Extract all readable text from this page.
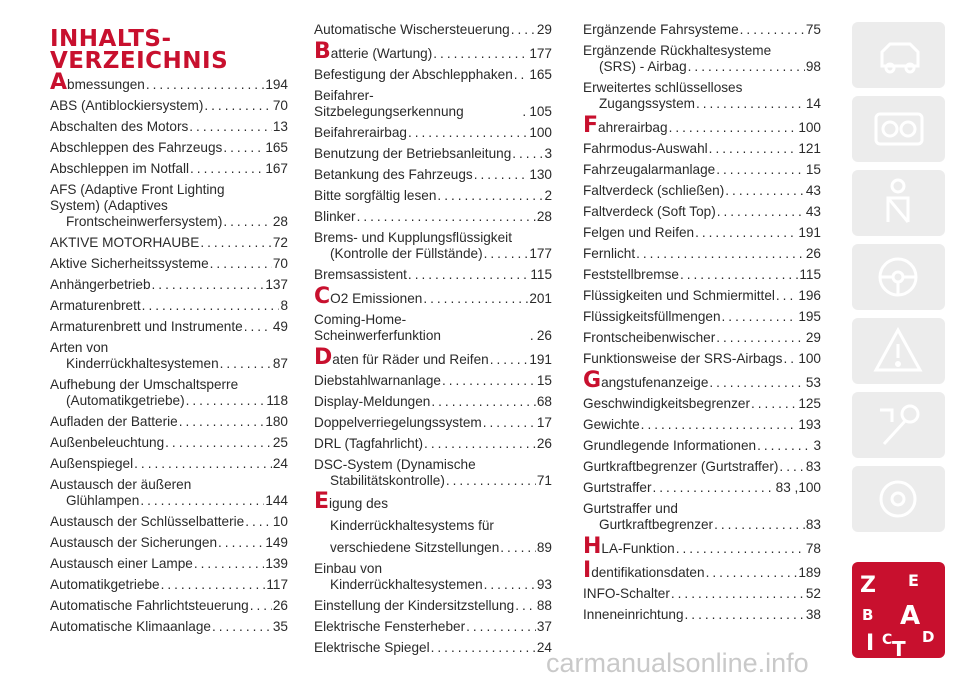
INHALTS-
VERZEICHNIS
Abmessungen .....	194
ABS (Antiblockiersystem) .....	70
Abschalten des Motors .....	13
Abschleppen des Fahrzeugs .....	165
Abschleppen im Notfall .....	167
AFS (Adaptive Front Lighting
System) (Adaptives
Frontscheinwerfersystem) .....	28
AKTIVE MOTORHAUBE .....	72
Aktive Sicherheitssysteme .....	70
Anhängerbetrieb .....	137
Armaturenbrett .....	8
Armaturenbrett und Instrumente ..... 49
Arten von
Kinderrückhaltesystemen .....	87
Aufhebung der Umschaltsperre
(Automatikgetriebe) .....	118
Aufladen der Batterie .....	180
Außenbeleuchtung .....	25
Außenspiegel .....	24
Austausch der äußeren
Glühlampen .....	144
Austausch der Schlüsselbatterie ..... 10
Austausch der Sicherungen .....	149
Austausch einer Lampe .....	139
Automatikgetriebe .....	117
Automatische Fahrlichtsteuerung ..... 26
Automatische Klimaanlage .....	35
Automatische Wischersteuerung ..... 29
Batterie (Wartung) .....	177
Befestigung der Abschlepphaken ..... 165
Beifahrer-Sitzbelegungserkennung .....	105
Beifahrerairbag .....	100
Benutzung der Betriebsanleitung ..... 3
Betankung des Fahrzeugs .....	130
Bitte sorgfältig lesen .....	2
Blinker .....	28
Brems- und Kupplungsflüssigkeit
(Kontrolle der Füllstände) .....	177
Bremsassistent .....	115
CO2 Emissionen .....	201
Coming-Home-Scheinwerferfunktion .....	26
Daten für Räder und Reifen .....	191
Diebstahlwarnanlage .....	15
Display-Meldungen .....	68
Doppelverriegelungssystem .....	17
DRL (Tagfahrlicht) .....	26
DSC-System (Dynamische
Stabilitätskontrolle) .....	71
Eigung des
Kinderrückhaltesystems für
verschiedene Sitzstellungen .....	89
Einbau von
Kinderrückhaltesystemen .....	93
Einstellung der Kindersitzstellung ..... 88
Elektrische Fensterheber .....	37
Elektrische Spiegel .....	24
Ergänzende Fahrsysteme .....	75
Ergänzende Rückhaltesysteme
(SRS) - Airbag .....	98
Erweitertes schlüsselloses
Zugangssystem .....	14
Fahrerairbag .....	100
Fahrmodus-Auswahl .....	121
Fahrzeugalarmanlage .....	15
Faltverdeck (schließen) .....	43
Faltverdeck (Soft Top) .....	43
Felgen und Reifen .....	191
Fernlicht .....	26
Feststellbremse .....	115
Flüssigkeiten und Schmiermittel ..... 196
Flüssigkeitsfüllmengen .....	195
Frontscheibenwischer .....	29
Funktionsweise der SRS-Airbags ..... 100
Gangstufenanzeige .....	53
Geschwindigkeitsbegrenzer .....	125
Gewichte .....	193
Grundlegende Informationen .....	3
Gurtkraftbegrenzer (Gurtstraffer) ..... 83
Gurtstraffer .....	83 ,100
Gurtstraffer und
Gurtkraftbegrenzer .....	83
HLA-Funktion .....	78
Identifikationsdaten .....	189
INFO-Schalter .....	52
Inneneinrichtung .....	38
Z E
B A
I C T D
carmanualsonline.info
